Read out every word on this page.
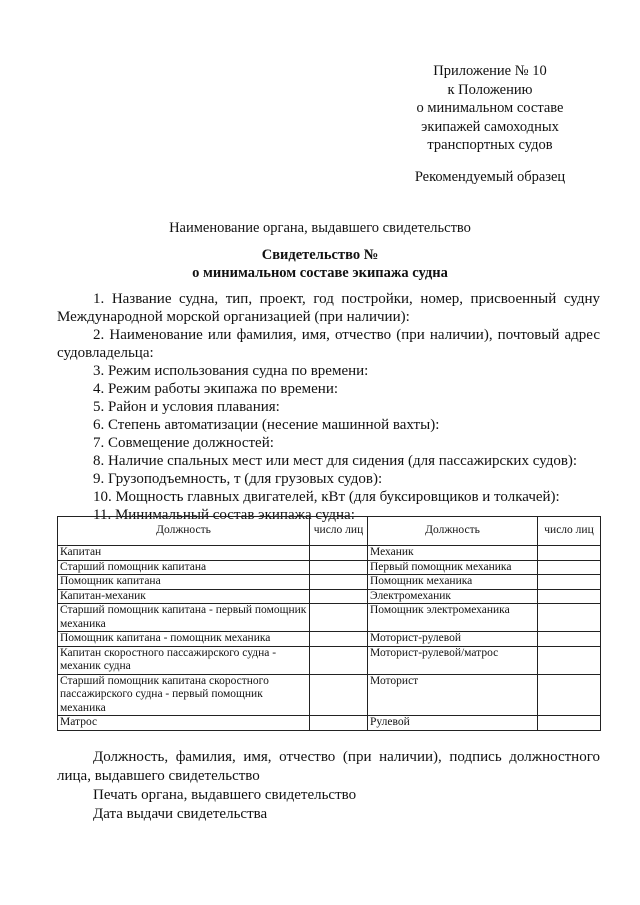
Приложение № 10
к Положению
о минимальном составе
экипажей самоходных
транспортных судов
Рекомендуемый образец
Наименование органа, выдавшего свидетельство
Свидетельство №
о минимальном составе экипажа судна

1. Название судна, тип, проект, год постройки, номер, присвоенный судну Международной морской организацией (при наличии):

2. Наименование или фамилия, имя, отчество (при наличии), почтовый адрес судовладельца:

3. Режим использования судна по времени:

4. Режим работы экипажа по времени:

5. Район и условия плавания:

6. Степень автоматизации (несение машинной вахты):

7. Совмещение должностей:

8. Наличие спальных мест или мест для сидения (для пассажирских судов):

9. Грузоподъемность, т (для грузовых судов):

10. Мощность главных двигателей, кВт (для буксировщиков и толкачей):

11. Минимальный состав экипажа судна:

Должность	число лиц	Должность	число лиц
Капитан		Механик	
Старший помощник капитана		Первый помощник механика	
Помощник капитана		Помощник механика	
Капитан-механик		Электромеханик	
Старший помощник капитана - первый помощник механика		Помощник электромеханика	
Помощник капитана - помощник механика		Моторист-рулевой	
Капитан скоростного пассажирского судна - механик судна		Моторист-рулевой/матрос	
Старший помощник капитана скоростного пассажирского судна - первый помощник механика		Моторист	
Матрос		Рулевой	

Должность, фамилия, имя, отчество (при наличии), подпись должностного лица, выдавшего свидетельство

Печать органа, выдавшего свидетельство

Дата выдачи свидетельства
